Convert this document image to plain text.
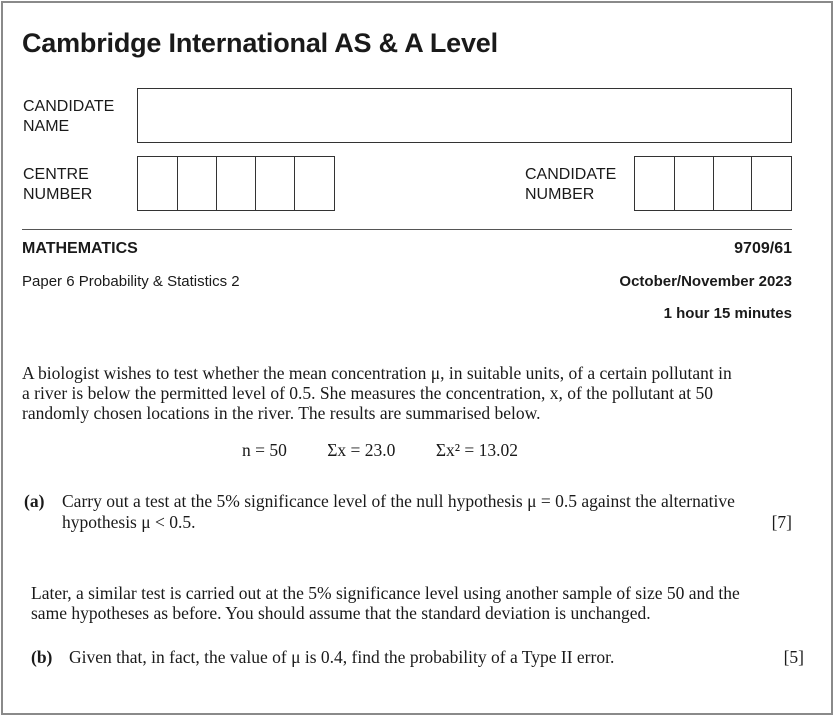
Cambridge International AS & A Level
CANDIDATE
NAME
CENTRE
NUMBER
CANDIDATE
NUMBER
MATHEMATICS	9709/61
Paper 6 Probability & Statistics 2	October/November 2023
1 hour 15 minutes
A biologist wishes to test whether the mean concentration μ, in suitable units, of a certain pollutant in
a river is below the permitted level of 0.5. She measures the concentration, x, of the pollutant at 50
randomly chosen locations in the river. The results are summarised below.
n = 50 Σx = 23.0 Σx² = 13.02
(a) Carry out a test at the 5% significance level of the null hypothesis μ = 0.5 against the alternative
hypothesis μ < 0.5.	[7]
Later, a similar test is carried out at the 5% significance level using another sample of size 50 and the
same hypotheses as before. You should assume that the standard deviation is unchanged.
(b) Given that, in fact, the value of μ is 0.4, find the probability of a Type II error.	[5]
